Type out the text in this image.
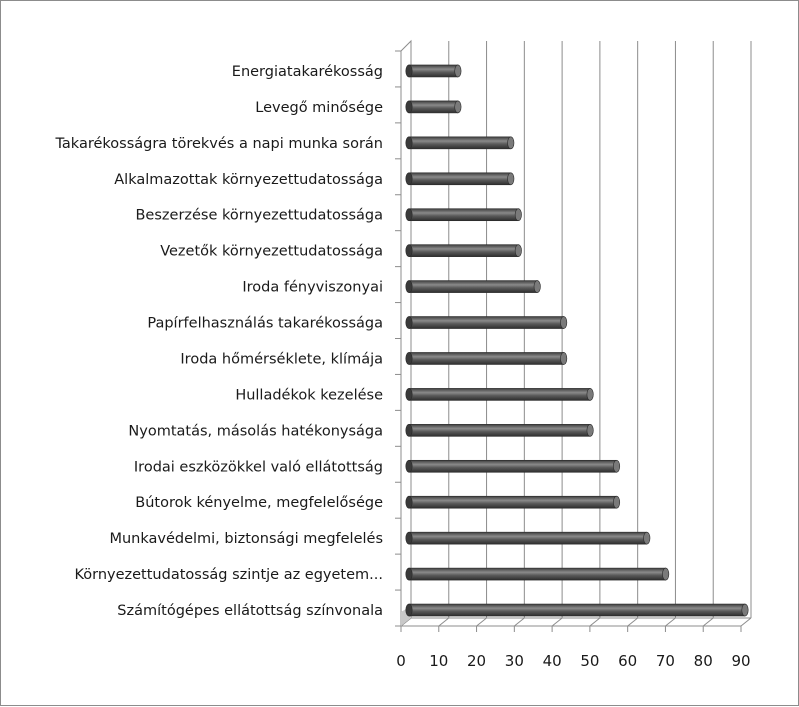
0 10 20 30 40 50 60 70 80 90
Energiatakarékosság
Levegő minősége
Takarékosságra törekvés a napi munka során
Alkalmazottak környezettudatossága
Beszerzése környezettudatossága
Vezetők környezettudatossága
Iroda fényviszonyai
Papírfelhasználás takarékossága
Iroda hőmérséklete, klímája
Hulladékok kezelése
Nyomtatás, másolás hatékonysága
Irodai eszközökkel való ellátottság
Bútorok kényelme, megfelelősége
Munkavédelmi, biztonsági megfelelés
Környezettudatosság szintje az egyetem...
Számítógépes ellátottság színvonala
